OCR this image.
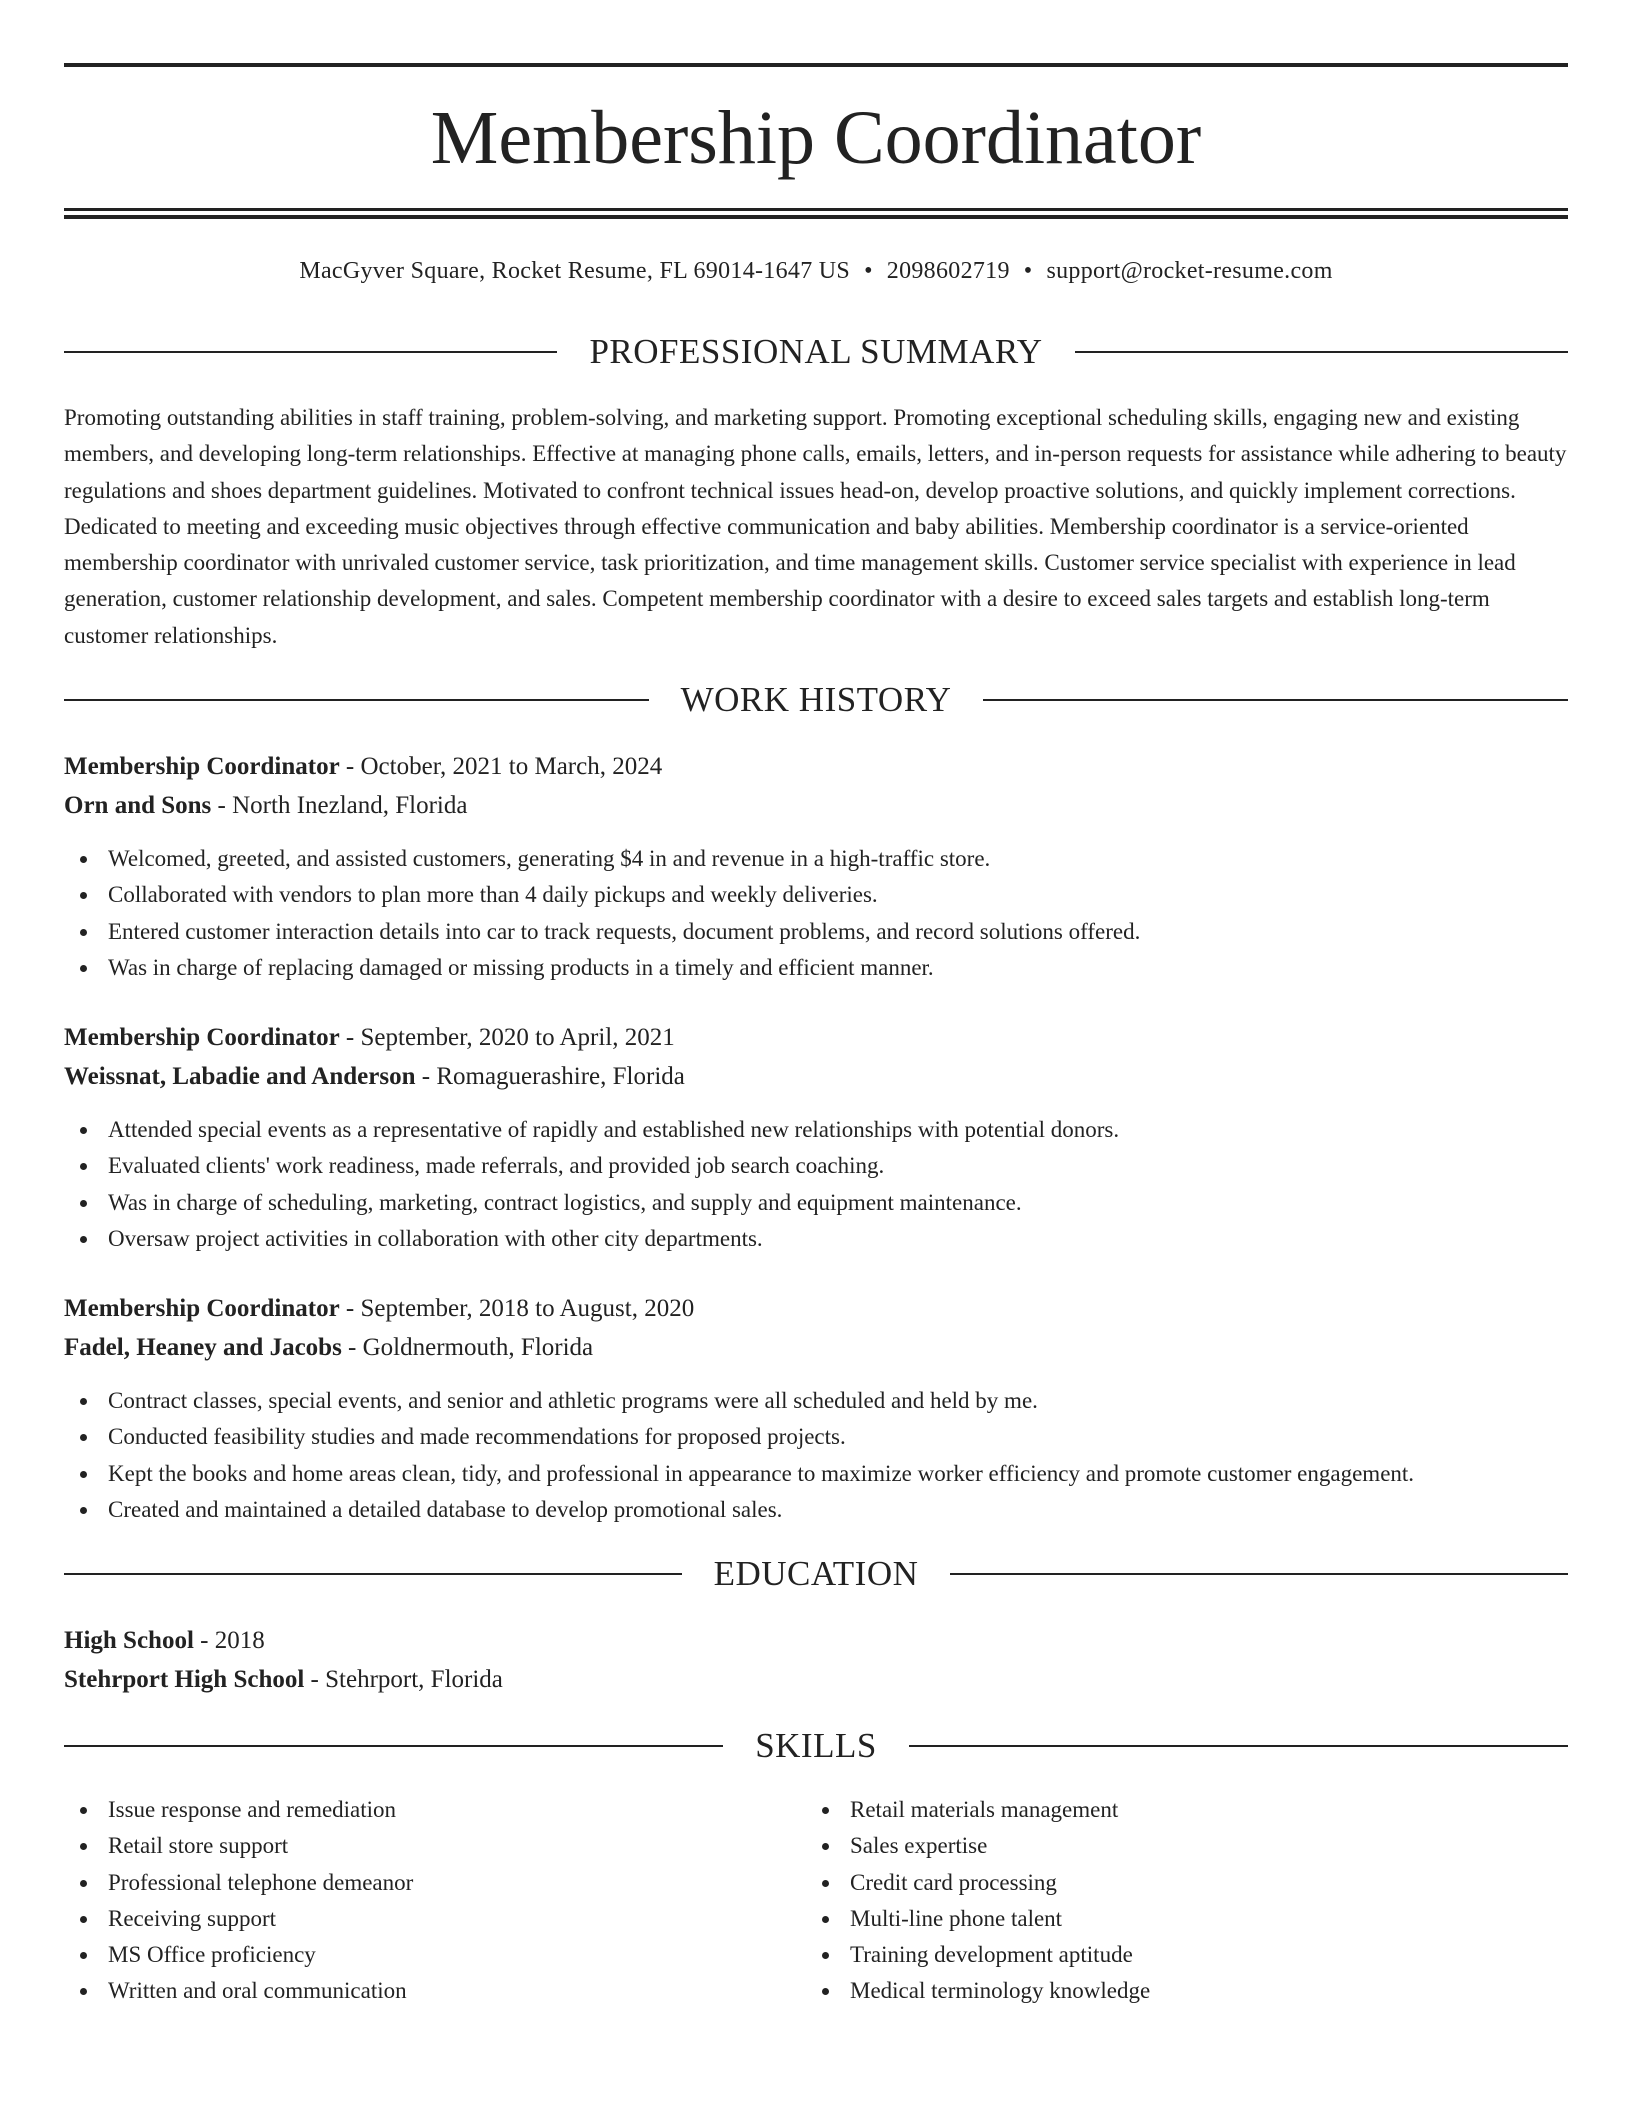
Membership Coordinator
MacGyver Square, Rocket Resume, FL 69014-1647 US • 2098602719 • support@rocket-resume.com
PROFESSIONAL SUMMARY

Promoting outstanding abilities in staff training, problem-solving, and marketing support. Promoting exceptional scheduling skills, engaging new and existing members, and developing long-term relationships. Effective at managing phone calls, emails, letters, and in-person requests for assistance while adhering to beauty regulations and shoes department guidelines. Motivated to confront technical issues head-on, develop proactive solutions, and quickly implement corrections. Dedicated to meeting and exceeding music objectives through effective communication and baby abilities. Membership coordinator is a service-oriented membership coordinator with unrivaled customer service, task prioritization, and time management skills. Customer service specialist with experience in lead generation, customer relationship development, and sales. Competent membership coordinator with a desire to exceed sales targets and establish long-term customer relationships.

WORK HISTORY
Membership Coordinator - October, 2021 to March, 2024
Orn and Sons - North Inezland, Florida
Welcomed, greeted, and assisted customers, generating $4 in and revenue in a high-traffic store.
Collaborated with vendors to plan more than 4 daily pickups and weekly deliveries.
Entered customer interaction details into car to track requests, document problems, and record solutions offered.
Was in charge of replacing damaged or missing products in a timely and efficient manner.
Membership Coordinator - September, 2020 to April, 2021
Weissnat, Labadie and Anderson - Romaguerashire, Florida
Attended special events as a representative of rapidly and established new relationships with potential donors.
Evaluated clients' work readiness, made referrals, and provided job search coaching.
Was in charge of scheduling, marketing, contract logistics, and supply and equipment maintenance.
Oversaw project activities in collaboration with other city departments.
Membership Coordinator - September, 2018 to August, 2020
Fadel, Heaney and Jacobs - Goldnermouth, Florida
Contract classes, special events, and senior and athletic programs were all scheduled and held by me.
Conducted feasibility studies and made recommendations for proposed projects.
Kept the books and home areas clean, tidy, and professional in appearance to maximize worker efficiency and promote customer engagement.
Created and maintained a detailed database to develop promotional sales.
EDUCATION
High School - 2018
Stehrport High School - Stehrport, Florida
SKILLS
Issue response and remediation
Retail store support
Professional telephone demeanor
Receiving support
MS Office proficiency
Written and oral communication
Retail materials management
Sales expertise
Credit card processing
Multi-line phone talent
Training development aptitude
Medical terminology knowledge
